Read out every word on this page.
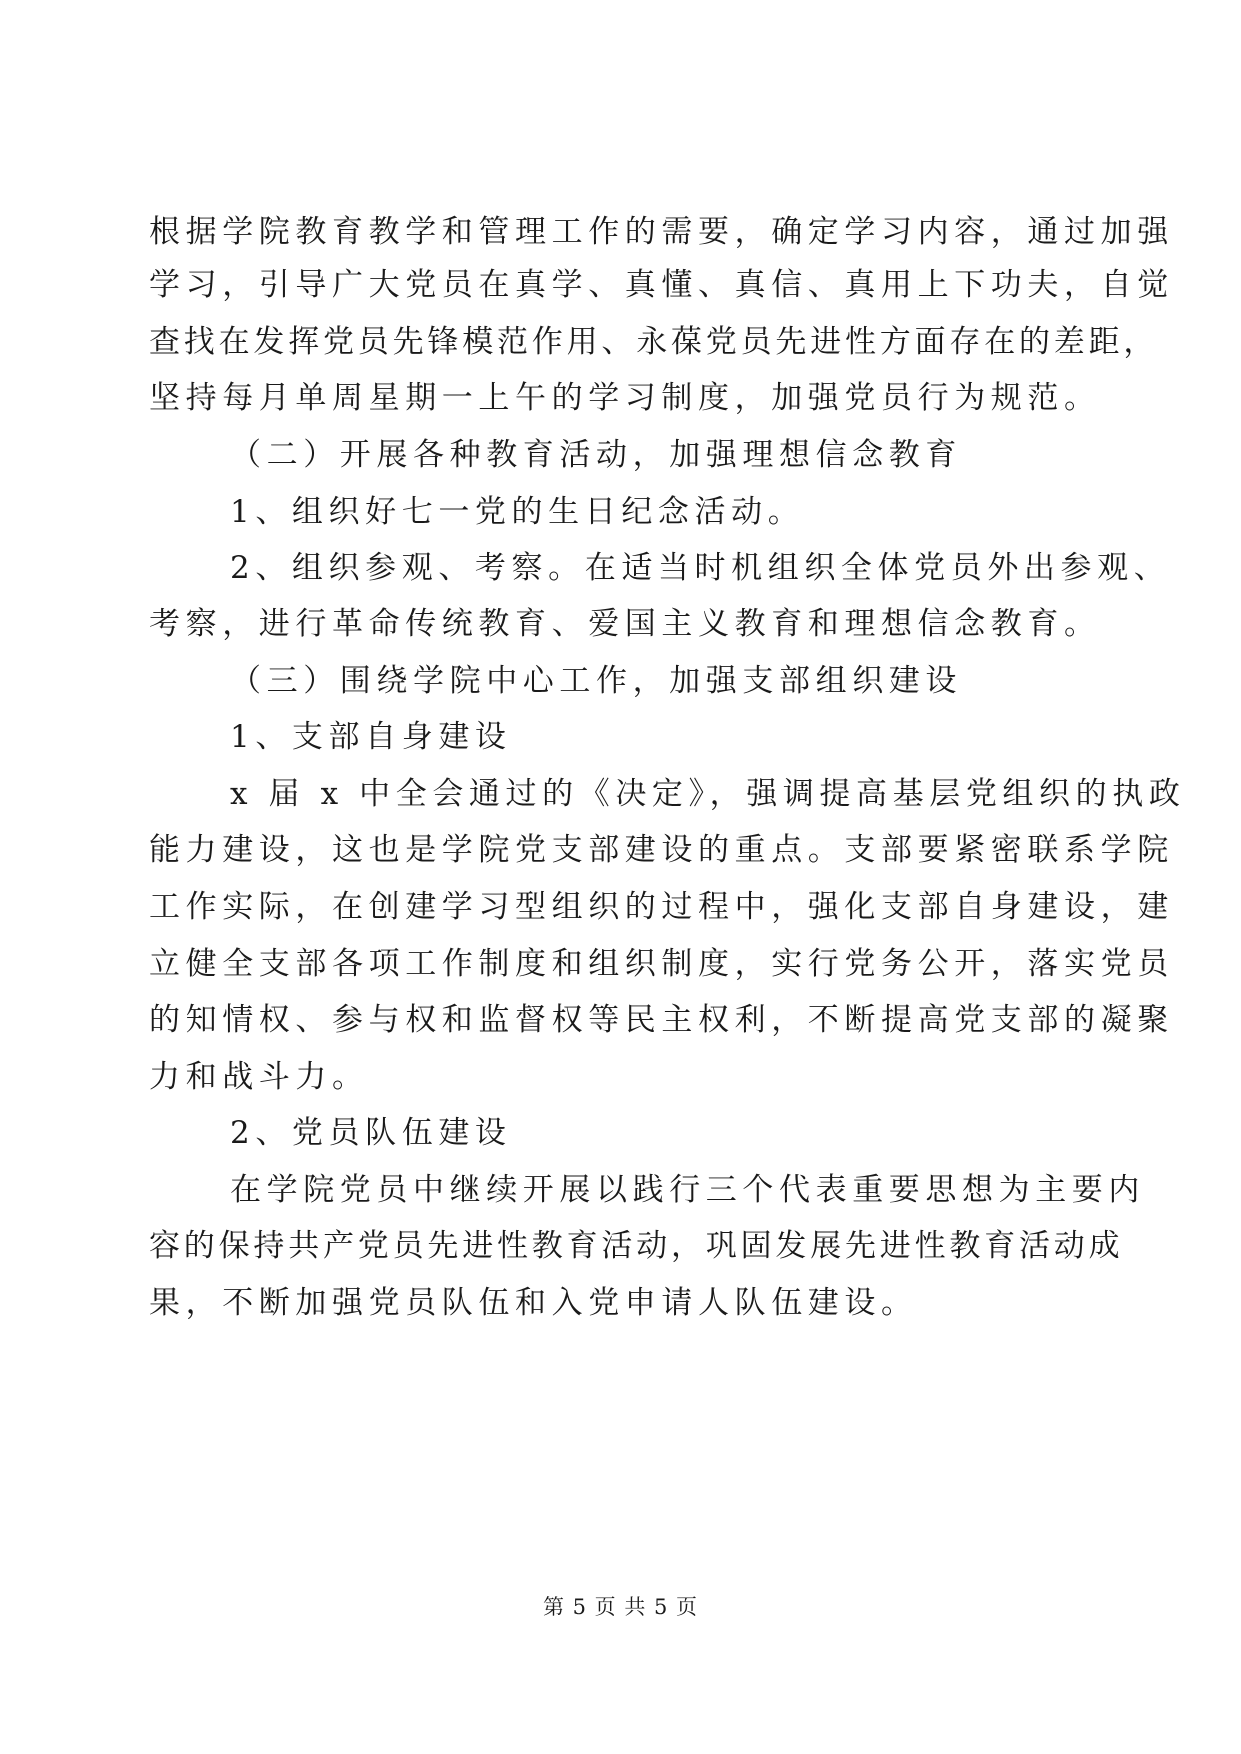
根据学院教育教学和管理工作的需要，确定学习内容，通过加强
学习，引导广大党员在真学、真懂、真信、真用上下功夫，自觉
查找在发挥党员先锋模范作用、永葆党员先进性方面存在的差距，
坚持每月单周星期一上午的学习制度，加强党员行为规范。
（二）开展各种教育活动，加强理想信念教育
1、组织好七一党的生日纪念活动。
2、组织参观、考察。在适当时机组织全体党员外出参观、
考察，进行革命传统教育、爱国主义教育和理想信念教育。
（三）围绕学院中心工作，加强支部组织建设
1、支部自身建设
x 届 x 中全会通过的《决定》，强调提高基层党组织的执政
能力建设，这也是学院党支部建设的重点。支部要紧密联系学院
工作实际，在创建学习型组织的过程中，强化支部自身建设，建
立健全支部各项工作制度和组织制度，实行党务公开，落实党员
的知情权、参与权和监督权等民主权利，不断提高党支部的凝聚
力和战斗力。
2、党员队伍建设
在学院党员中继续开展以践行三个代表重要思想为主要内
容的保持共产党员先进性教育活动，巩固发展先进性教育活动成
果，不断加强党员队伍和入党申请人队伍建设。
第 5 页 共 5 页
